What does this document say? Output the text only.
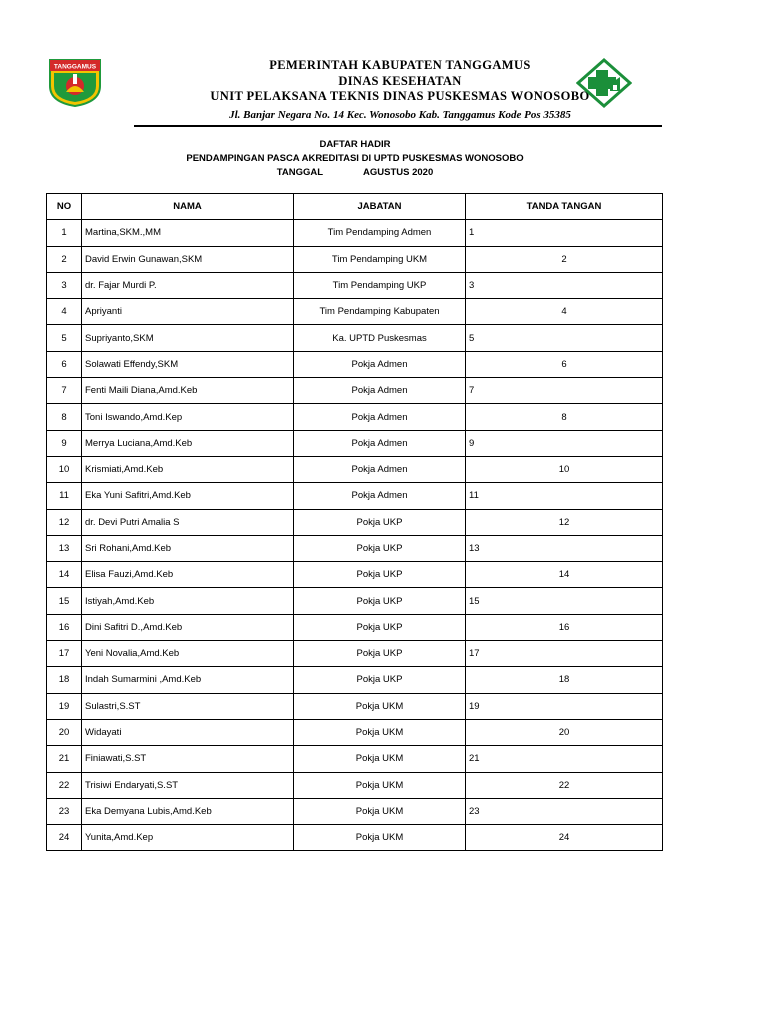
TANGGAMUS	PEMERINTAH KABUPATEN TANGGAMUS
DINAS KESEHATAN
UNIT PELAKSANA TEKNIS DINAS PUSKESMAS WONOSOBO
Jl. Banjar Negara No. 14 Kec. Wonosobo Kab. Tanggamus Kode Pos 35385
DAFTAR HADIR
PENDAMPINGAN PASCA AKREDITASI DI UPTD PUSKESMAS WONOSOBO
TANGGAL	AGUSTUS 2020
NO	NAMA	JABATAN	TANDA TANGAN
1	Martina,SKM.,MM	Tim Pendamping Admen	1
2	David Erwin Gunawan,SKM	Tim Pendamping UKM	2
3	dr. Fajar Murdi P.	Tim Pendamping UKP	3
4	Apriyanti	Tim Pendamping Kabupaten	4
5	Supriyanto,SKM	Ka. UPTD Puskesmas	5
6	Solawati Effendy,SKM	Pokja Admen	6
7	Fenti Maili Diana,Amd.Keb	Pokja Admen	7
8	Toni Iswando,Amd.Kep	Pokja Admen	8
9	Merrya Luciana,Amd.Keb	Pokja Admen	9
10	Krismiati,Amd.Keb	Pokja Admen	10
11	Eka Yuni Safitri,Amd.Keb	Pokja Admen	11
12	dr. Devi Putri Amalia S	Pokja UKP	12
13	Sri Rohani,Amd.Keb	Pokja UKP	13
14	Elisa Fauzi,Amd.Keb	Pokja UKP	14
15	Istiyah,Amd.Keb	Pokja UKP	15
16	Dini Safitri D.,Amd.Keb	Pokja UKP	16
17	Yeni Novalia,Amd.Keb	Pokja UKP	17
18	Indah Sumarmini ,Amd.Keb	Pokja UKP	18
19	Sulastri,S.ST	Pokja UKM	19
20	Widayati	Pokja UKM	20
21	Finiawati,S.ST	Pokja UKM	21
22	Trisiwi Endaryati,S.ST	Pokja UKM	22
23	Eka Demyana Lubis,Amd.Keb	Pokja UKM	23
24	Yunita,Amd.Kep	Pokja UKM	24
